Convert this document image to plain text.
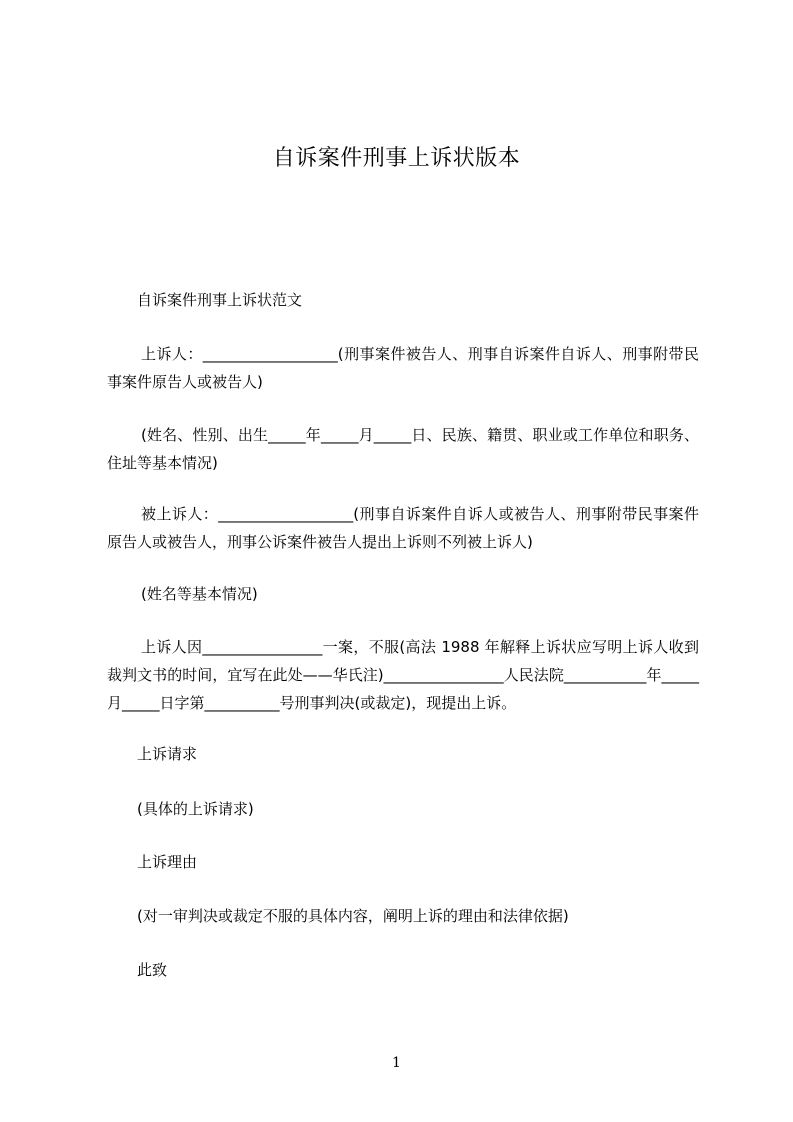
自诉案件刑事上诉状版本
自诉案件刑事上诉状范文
上诉人：__________________(刑事案件被告人、刑事自诉案件自诉人、刑事附带民事案件原告人或被告人)
(姓名、性别、出生_____年_____月_____日、民族、籍贯、职业或工作单位和职务、住址等基本情况)
被上诉人：__________________(刑事自诉案件自诉人或被告人、刑事附带民事案件原告人或被告人，刑事公诉案件被告人提出上诉则不列被上诉人)
(姓名等基本情况)
上诉人因________________一案，不服(高法 1988 年解释上诉状应写明上诉人收到裁判文书的时间，宜写在此处——华氏注)________________人民法院___________年_____月_____日字第__________号刑事判决(或裁定)，现提出上诉。
上诉请求
(具体的上诉请求)
上诉理由
(对一审判决或裁定不服的具体内容，阐明上诉的理由和法律依据)
此致
1
